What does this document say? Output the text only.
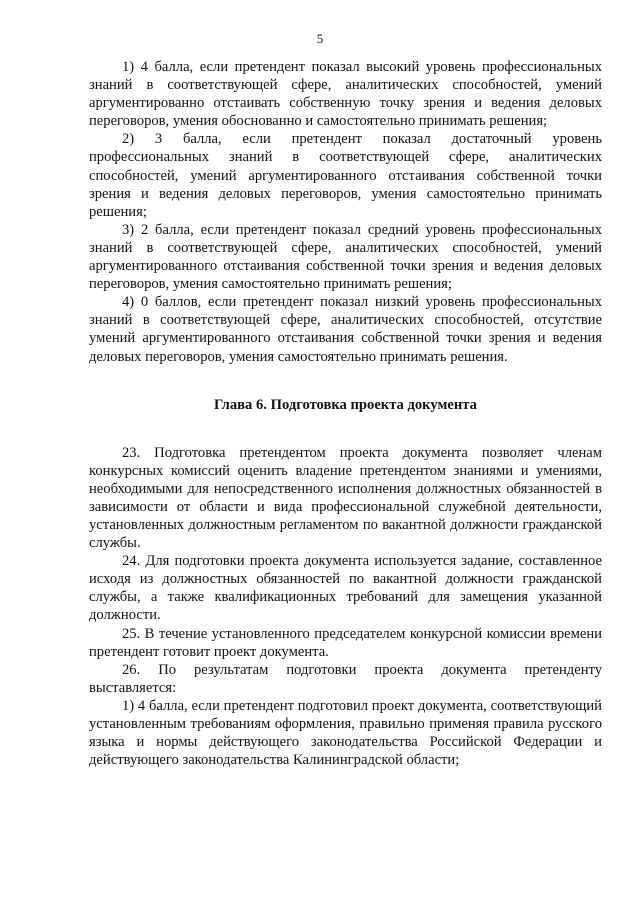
5

1) 4 балла, если претендент показал высокий уровень профессиональных знаний в соответствующей сфере, аналитических способностей, умений аргументированно отстаивать собственную точку зрения и ведения деловых переговоров, умения обоснованно и самостоятельно принимать решения;

2) 3 балла, если претендент показал достаточный уровень профессиональных знаний в соответствующей сфере, аналитических способностей, умений аргументированного отстаивания собственной точки зрения и ведения деловых переговоров, умения самостоятельно принимать решения;

3) 2 балла, если претендент показал средний уровень профессиональных знаний в соответствующей сфере, аналитических способностей, умений аргументированного отстаивания собственной точки зрения и ведения деловых переговоров, умения самостоятельно принимать решения;

4) 0 баллов, если претендент показал низкий уровень профессиональных знаний в соответствующей сфере, аналитических способностей, отсутствие умений аргументированного отстаивания собственной точки зрения и ведения деловых переговоров, умения самостоятельно принимать решения.

Глава 6. Подготовка проекта документа

23. Подготовка претендентом проекта документа позволяет членам конкурсных комиссий оценить владение претендентом знаниями и умениями, необходимыми для непосредственного исполнения должностных обязанностей в зависимости от области и вида профессиональной служебной деятельности, установленных должностным регламентом по вакантной должности гражданской службы.

24. Для подготовки проекта документа используется задание, составленное исходя из должностных обязанностей по вакантной должности гражданской службы, а также квалификационных требований для замещения указанной должности.

25. В течение установленного председателем конкурсной комиссии времени претендент готовит проект документа.

26. По результатам подготовки проекта документа претенденту выставляется:

1) 4 балла, если претендент подготовил проект документа, соответствующий установленным требованиям оформления, правильно применяя правила русского языка и нормы действующего законодательства Российской Федерации и действующего законодательства Калининградской области;
